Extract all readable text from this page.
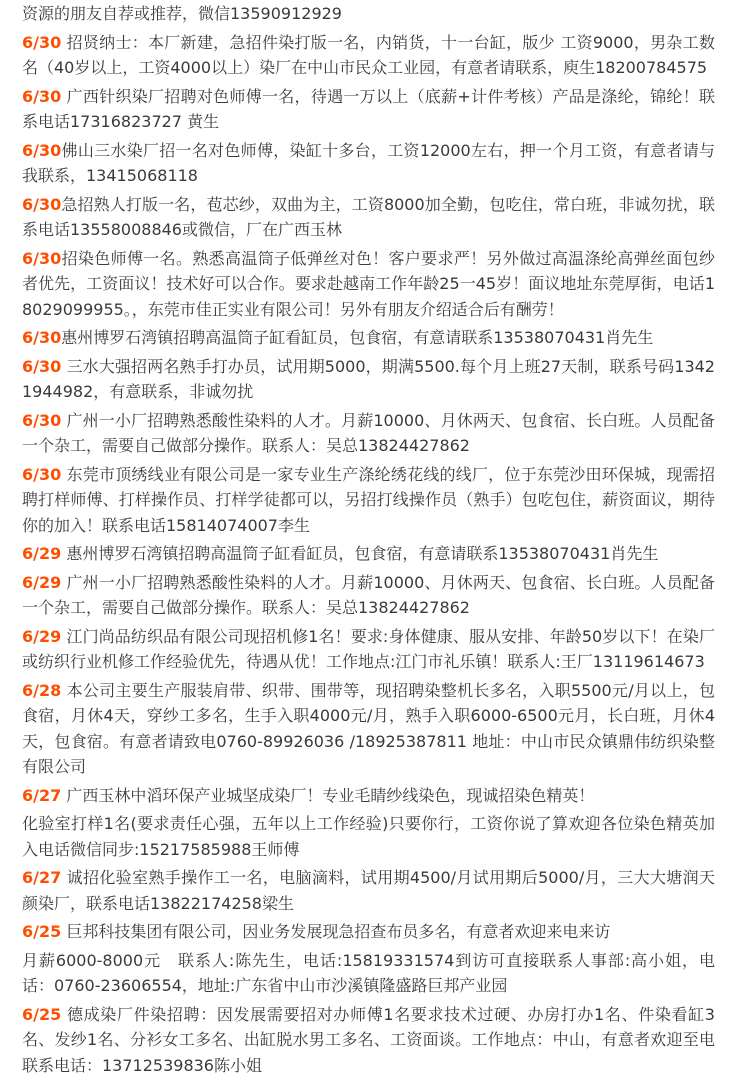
资源的朋友自荐或推荐，微信13590912929

6/30 招贤纳士：本厂新建，急招件染打版一名，内销货，十一台缸，版少 工资9000，男杂工数名（40岁以上，工资4000以上）染厂在中山市民众工业园，有意者请联系，庾生18200784575

6/30 广西针织染厂招聘对色师傅一名，待遇一万以上（底薪+计件考核）产品是涤纶，锦纶！联系电话17316823727 黄生

6/30佛山三水染厂招一名对色师傅，染缸十多台，工资12000左右，押一个月工资，有意者请与我联系，13415068118

6/30急招熟人打版一名，苞芯纱，双曲为主，工资8000加全勤，包吃住，常白班，非诚勿扰，联系电话13558008846或微信，厂在广西玉林

6/30招染色师傅一名。熟悉高温筒子低弹丝对色！客户要求严！另外做过高温涤纶高弹丝面包纱者优先，工资面议！技术好可以合作。要求赴越南工作年龄25一45岁！面议地址东莞厚街，电话18029099955。，东莞市佳正实业有限公司！另外有朋友介绍适合后有酬劳！

6/30惠州博罗石湾镇招聘高温筒子缸看缸员，包食宿，有意请联系13538070431肖先生

6/30 三水大强招两名熟手打办员，试用期5000，期满5500.每个月上班27天制，联系号码13421944982，有意联系，非诚勿扰

6/30 广州一小厂招聘熟悉酸性染料的人才。月薪10000、月休两天、包食宿、长白班。人员配备一个杂工，需要自己做部分操作。联系人：吴总13824427862

6/30 东莞市顶绣线业有限公司是一家专业生产涤纶绣花线的线厂，位于东莞沙田环保城，现需招聘打样师傅、打样操作员、打样学徒都可以，另招打线操作员（熟手）包吃包住，薪资面议，期待你的加入！联系电话15814074007李生

6/29 惠州博罗石湾镇招聘高温筒子缸看缸员，包食宿，有意请联系13538070431肖先生

6/29 广州一小厂招聘熟悉酸性染料的人才。月薪10000、月休两天、包食宿、长白班。人员配备一个杂工，需要自己做部分操作。联系人：吴总13824427862

6/29 江门尚品纺织品有限公司现招机修1名！要求:身体健康、服从安排、年龄50岁以下！在染厂或纺织行业机修工作经验优先，待遇从优！工作地点:江门市礼乐镇！联系人:王厂13119614673

6/28 本公司主要生产服装肩带、织带、围带等，现招聘染整机长多名，入职5500元/月以上，包食宿，月休4天，穿纱工多名，生手入职4000元/月，熟手入职6000-6500元月，长白班，月休4天，包食宿。有意者请致电0760-89926036 /18925387811 地址：中山市民众镇鼎伟纺织染整有限公司

6/27 广西玉林中滔环保产业城坚成染厂！专业毛睛纱线染色，现诚招染色精英！

化验室打样1名(要求责任心强，五年以上工作经验)只要你行，工资你说了算欢迎各位染色精英加入电话微信同步:15217585988王师傅

6/27 诚招化验室熟手操作工一名，电脑滴料，试用期4500/月试用期后5000/月，三大大塘润天颜染厂，联系电话13822174258梁生

6/25 巨邦科技集团有限公司，因业务发展现急招查布员多名，有意者欢迎来电来访

月薪6000-8000元　联系人:陈先生，电话:15819331574到访可直接联系人事部:高小姐，电话：0760-23606554，地址:广东省中山市沙溪镇隆盛路巨邦产业园

6/25 德成染厂件染招聘：因发展需要招对办师傅1名要求技术过硬、办房打办1名、件染看缸3名、发纱1名、分衫女工多名、出缸脱水男工多名、工资面谈。工作地点：中山，有意者欢迎至电联系电话：13712539836陈小姐
